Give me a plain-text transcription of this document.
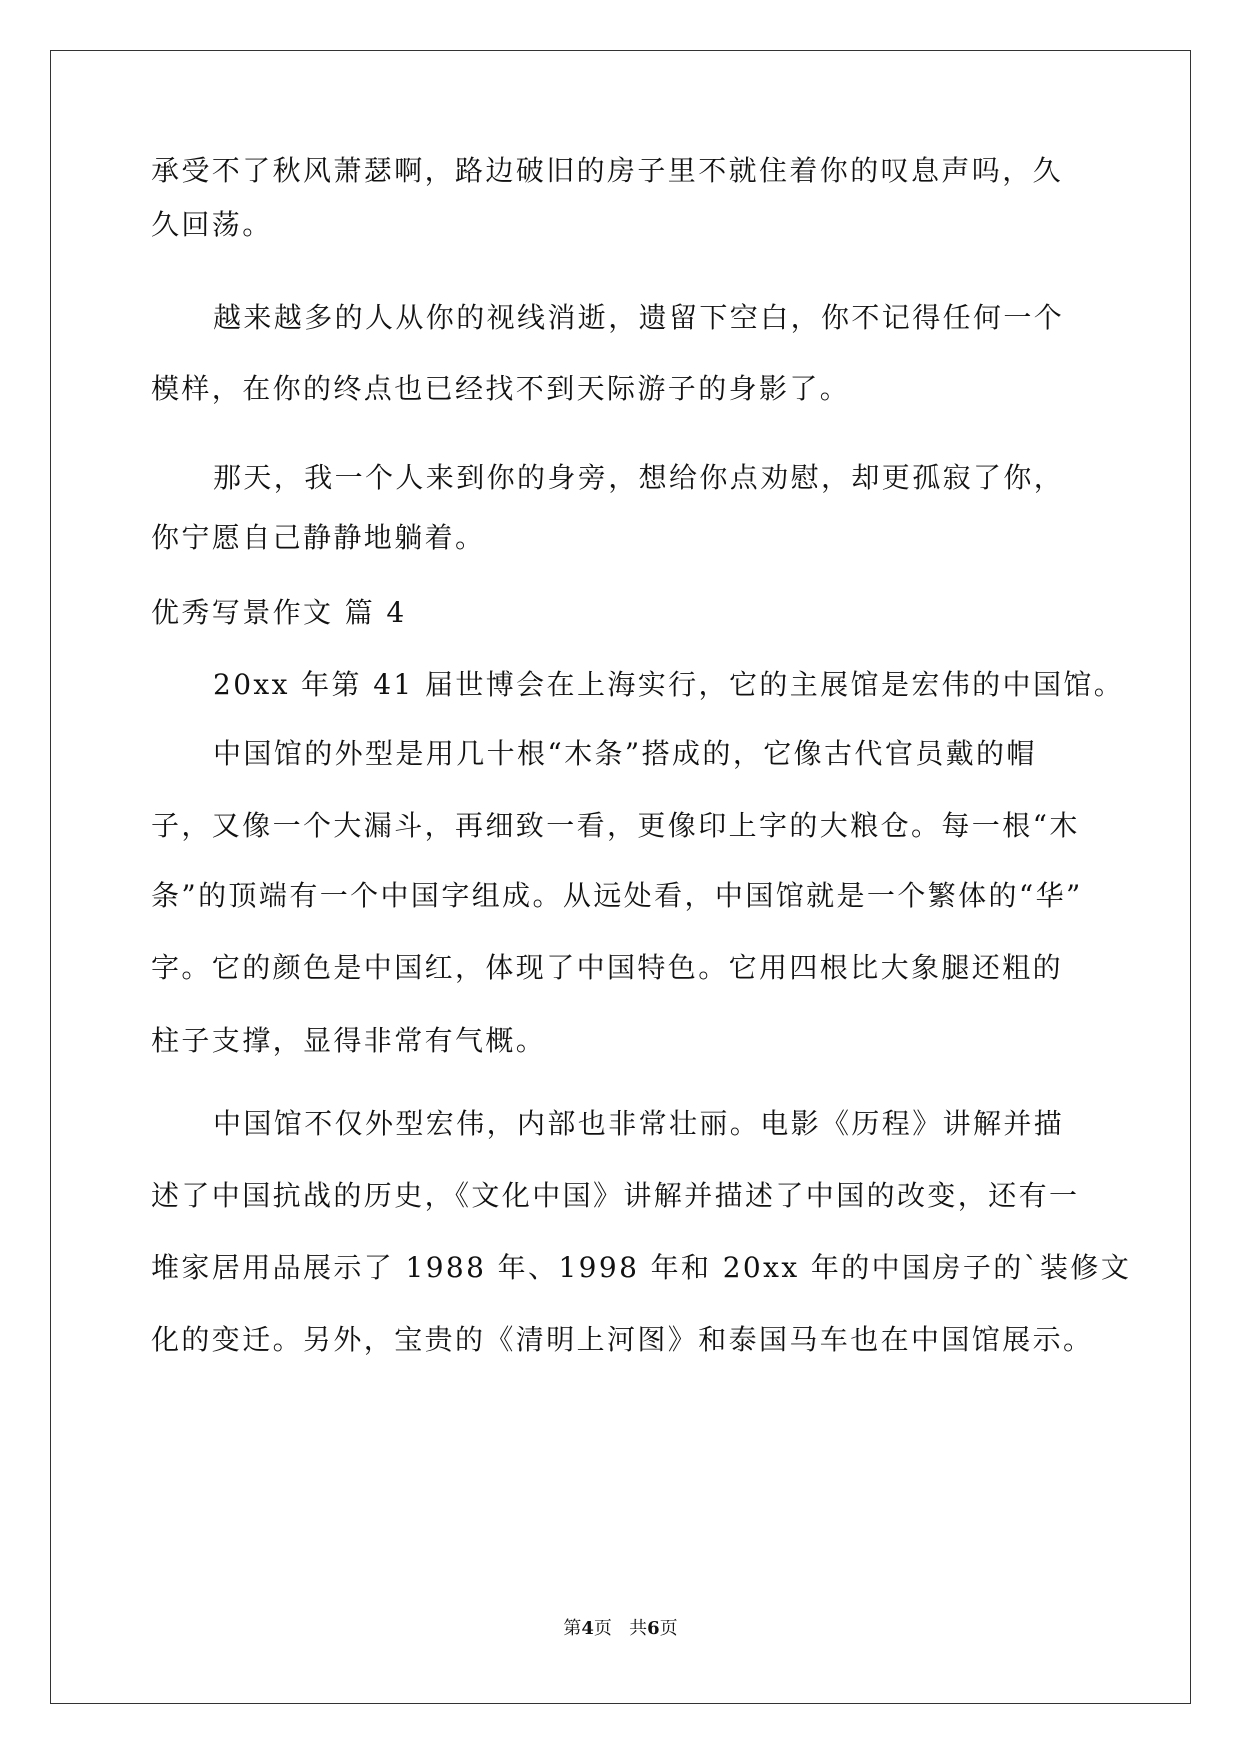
承受不了秋风萧瑟啊，路边破旧的房子里不就住着你的叹息声吗，久
久回荡。
越来越多的人从你的视线消逝，遗留下空白，你不记得任何一个
模样，在你的终点也已经找不到天际游子的身影了。
那天，我一个人来到你的身旁，想给你点劝慰，却更孤寂了你，
你宁愿自己静静地躺着。
优秀写景作文 篇 4
20xx 年第 41 届世博会在上海实行，它的主展馆是宏伟的中国馆。
中国馆的外型是用几十根“木条”搭成的，它像古代官员戴的帽
子，又像一个大漏斗，再细致一看，更像印上字的大粮仓。每一根“木
条”的顶端有一个中国字组成。从远处看，中国馆就是一个繁体的“华”
字。它的颜色是中国红，体现了中国特色。它用四根比大象腿还粗的
柱子支撑，显得非常有气概。
中国馆不仅外型宏伟，内部也非常壮丽。电影《历程》讲解并描
述了中国抗战的历史，《文化中国》讲解并描述了中国的改变，还有一
堆家居用品展示了 1988 年、1998 年和 20xx 年的中国房子的`装修文
化的变迁。另外，宝贵的《清明上河图》和泰国马车也在中国馆展示。
第4页   共6页
